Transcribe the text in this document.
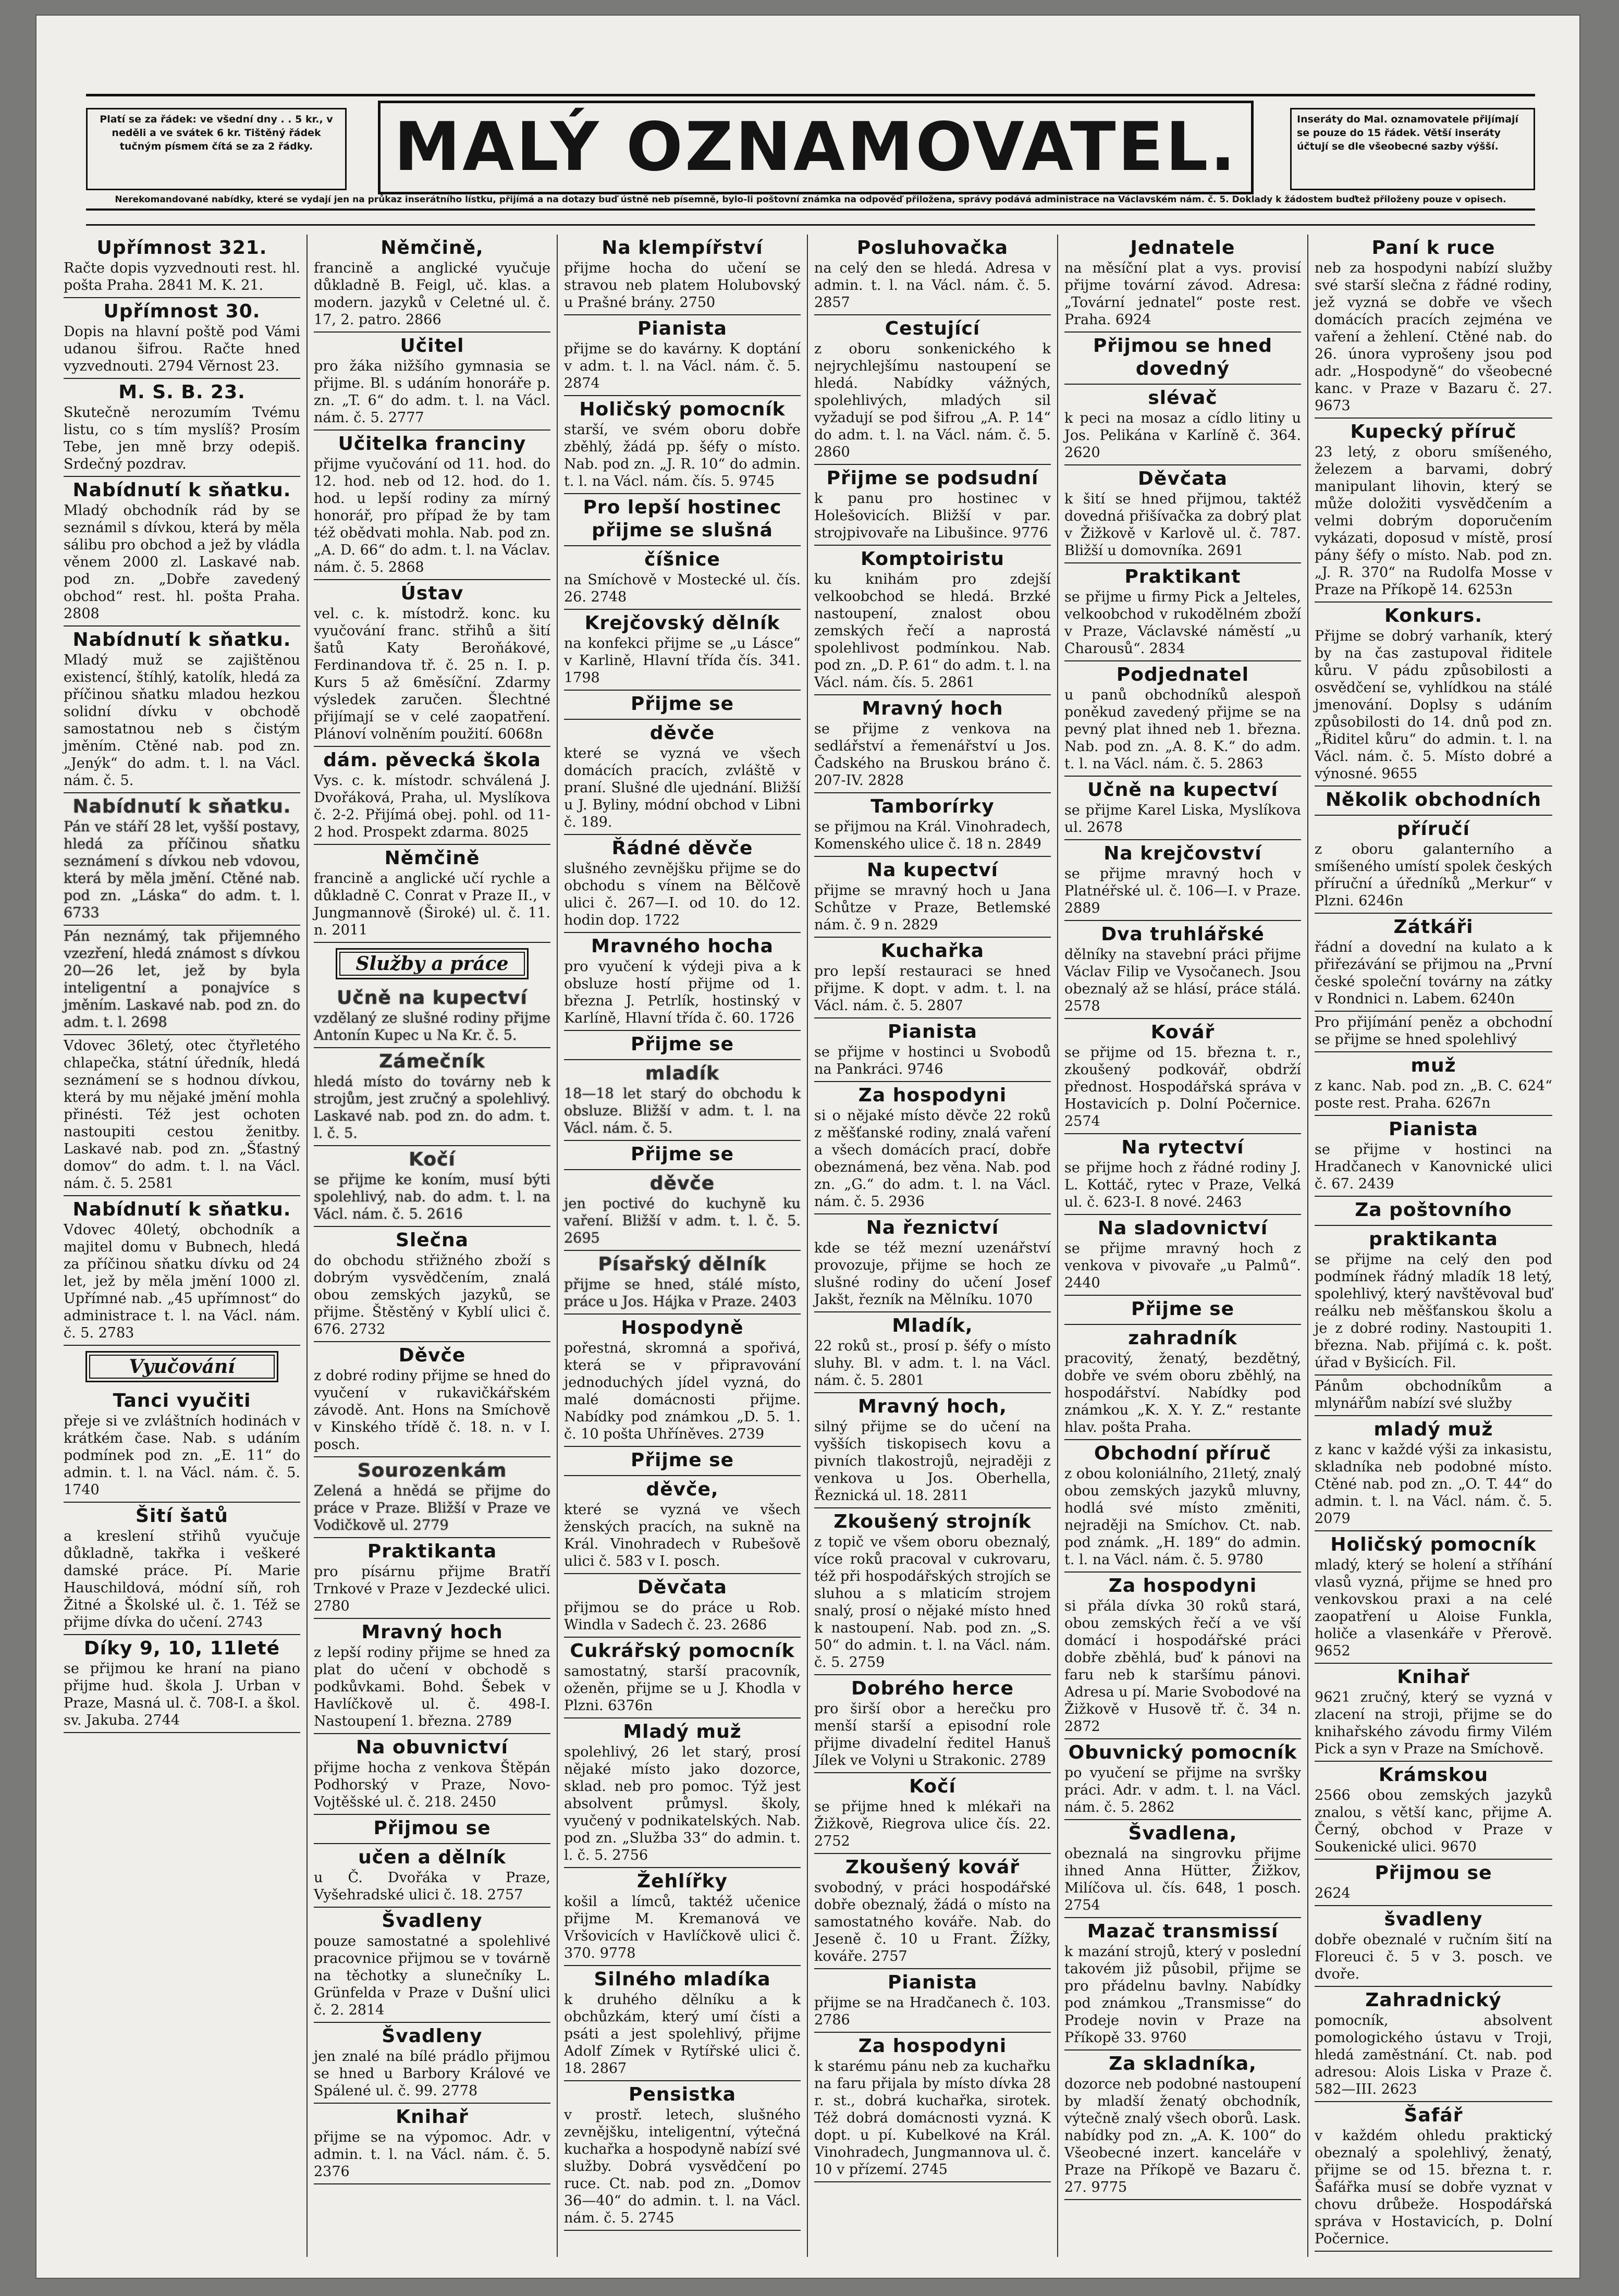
Platí se za řádek: ve všední dny . . 5 kr., v neděli a ve svátek 6 kr. Tištěný řádek tučným písmem čítá se za 2 řádky.	MALÝ OZNAMOVATEL.	Inseráty do Mal. oznamovatele přijímají se pouze do 15 řádek. Větší inseráty účtují se dle všeobecné sazby výšší.
Nerekomandované nabídky, které se vydají jen na průkaz inserátního lístku, přijímá a na dotazy buď ústně neb písemně, bylo-li poštovní známka na odpověď přiložena, správy podává administrace na Václavském nám. č. 5. Doklady k žádostem buďtež přiloženy pouze v opisech.
Upřímnost 321.
Račte dopis vyzvednouti rest. hl. pošta Praha. 2841 M. K. 21.
Upřímnost 30.
Dopis na hlavní poště pod Vámi udanou šifrou. Račte hned vyzvednouti. 2794 Věrnost 23.
M. S. B. 23.
Skutečně nerozumím Tvému listu, co s tím myslíš? Prosím Tebe, jen mně brzy odepiš. Srdečný pozdrav.
Nabídnutí k sňatku.
Mladý obchodník rád by se seznámil s dívkou, která by měla sálibu pro obchod a jež by vládla věnem 2000 zl. Laskavé nab. pod zn. „Dobře zavedený obchod“ rest. hl. pošta Praha. 2808
Nabídnutí k sňatku.
Mladý muž se zajištěnou existencí, štíhlý, katolík, hledá za příčinou sňatku mladou hezkou solidní dívku v obchodě samostatnou neb s čistým jměním. Ctěné nab. pod zn. „Jenýk“ do adm. t. l. na Václ. nám. č. 5.
Nabídnutí k sňatku.
Pán ve stáří 28 let, vyšší postavy, hledá za příčinou sňatku seznámení s dívkou neb vdovou, která by měla jmění. Ctěné nab. pod zn. „Láska“ do adm. t. l. 6733
Pán neznámý, tak přijemného vzezření, hledá známost s dívkou 20—26 let, jež by byla inteligentní a ponajvíce s jměním. Laskavé nab. pod zn. do adm. t. l. 2698
Vdovec 36letý, otec čtyřletého chlapečka, státní úředník, hledá seznámení se s hodnou dívkou, která by mu nějaké jmění mohla přinésti. Též jest ochoten nastoupiti cestou ženitby. Laskavé nab. pod zn. „Šťastný domov“ do adm. t. l. na Václ. nám. č. 5. 2581
Nabídnutí k sňatku.
Vdovec 40letý, obchodník a majitel domu v Bubnech, hledá za příčinou sňatku dívku od 24 let, jež by měla jmění 1000 zl. Upřímné nab. „45 upřímnost“ do administrace t. l. na Václ. nám. č. 5. 2783
Vyučování
Tanci vyučiti
přeje si ve zvláštních hodinách v krátkém čase. Nab. s udáním podmínek pod zn. „E. 11“ do admin. t. l. na Václ. nám. č. 5. 1740
Šití šatů
a kreslení střihů vyučuje důkladně, takřka i veškeré damské práce. Pí. Marie Hauschildová, módní síň, roh Žitné a Školské ul. č. 1. Též se přijme dívka do učení. 2743
Díky 9, 10, 11leté
se přijmou ke hraní na piano přijme hud. škola J. Urban v Praze, Masná ul. č. 708-I. a škol. sv. Jakuba. 2744
Němčině,
francině a anglické vyučuje důkladně B. Feigl, uč. klas. a modern. jazyků v Celetné ul. č. 17, 2. patro. 2866
Učitel
pro žáka nižšího gymnasia se přijme. Bl. s udáním honoráře p. zn. „T. 6“ do adm. t. l. na Václ. nám. č. 5. 2777
Učitelka franciny
přijme vyučování od 11. hod. do 12. hod. neb od 12. hod. do 1. hod. u lepší rodiny za mírný honorář, pro případ že by tam též obědvati mohla. Nab. pod zn. „A. D. 66“ do adm. t. l. na Václav. nám. č. 5. 2868
Ústav
vel. c. k. místodrž. konc. ku vyučování franc. střihů a šití šatů Katy Beroňákové, Ferdinandova tř. č. 25 n. I. p. Kurs 5 až 6měsíční. Zdarmy výsledek zaručen. Šlechtné přijímají se v celé zaopatření. Plánoví volněním použití. 6068n
dám. pěvecká škola
Vys. c. k. místodr. schválená J. Dvořáková, Praha, ul. Myslíkova č. 2-2. Přijímá obej. pohl. od 11-2 hod. Prospekt zdarma. 8025
Němčině
francině a anglické učí rychle a důkladně C. Conrat v Praze II., v Jungmannově (Široké) ul. č. 11. n. 2011
Služby a práce
Učně na kupectví
vzdělaný ze slušné rodiny přijme Antonín Kupec u Na Kr. č. 5.
Zámečník
hledá místo do továrny neb k strojům, jest zručný a spolehlivý. Laskavé nab. pod zn. do adm. t. l. č. 5.
Kočí
se přijme ke koním, musí býti spolehlivý, nab. do adm. t. l. na Václ. nám. č. 5. 2616
Slečna
do obchodu střižného zboží s dobrým vysvědčením, znalá obou zemských jazyků, se přijme. Štěstěný v Kyblí ulici č. 676. 2732
Děvče
z dobré rodiny přijme se hned do vyučení v rukavičkářském závodě. Ant. Hons na Smíchově v Kinského třídě č. 18. n. v I. posch.
Sourozenkám
Zelená a hnědá se přijme do práce v Praze. Bližší v Praze ve Vodičkově ul. 2779
Praktikanta
pro písárnu přijme Bratří Trnkové v Praze v Jezdecké ulici. 2780
Mravný hoch
z lepší rodiny přijme se hned za plat do učení v obchodě s podkůvkami. Bohd. Šebek v Havlíčkově ul. č. 498-I. Nastoupení 1. března. 2789
Na obuvnictví
přijme hocha z venkova Štěpán Podhorský v Praze, Novo-Vojtěšské ul. č. 218. 2450
Přijmou se
učen a dělník
u Č. Dvořáka v Praze, Vyšehradské ulici č. 18. 2757
Švadleny
pouze samostatné a spolehlivé pracovnice přijmou se v továrně na těchotky a slunečníky L. Grünfelda v Praze v Dušní ulici č. 2. 2814
Švadleny
jen znalé na bílé prádlo přijmou se hned u Barbory Králové ve Spálené ul. č. 99. 2778
Knihař
přijme se na výpomoc. Adr. v admin. t. l. na Václ. nám. č. 5. 2376
Na klempířství
přijme hocha do učení se stravou neb platem Holubovský u Prašné brány. 2750
Pianista
přijme se do kavárny. K doptání v adm. t. l. na Václ. nám. č. 5. 2874
Holičský pomocník
starší, ve svém oboru dobře zběhlý, žádá pp. šéfy o místo. Nab. pod zn. „J. R. 10“ do admin. t. l. na Václ. nám. čís. 5. 9745
Pro lepší hostinec přijme se slušná
číšnice
na Smíchově v Mostecké ul. čís. 26. 2748
Krejčovský dělník
na konfekci přijme se „u Lásce“ v Karlině, Hlavní třída čís. 341. 1798
Přijme se
děvče
které se vyzná ve všech domácích pracích, zvláště v praní. Slušné dle ujednání. Bližší u J. Byliny, módní obchod v Libni č. 189.
Řádné děvče
slušného zevnějšku přijme se do obchodu s vínem na Bělčově ulici č. 267—I. od 10. do 12. hodin dop. 1722
Mravného hocha
pro vyučení k výdeji piva a k obsluze hostí přijme od 1. března J. Petrlík, hostinský v Karlíně, Hlavní třída č. 60. 1726
Přijme se
mladík
18—18 let starý do obchodu k obsluze. Bližší v adm. t. l. na Václ. nám. č. 5.
Přijme se
děvče
jen poctivé do kuchyně ku vaření. Bližší v adm. t. l. č. 5. 2695
Písařský dělník
přijme se hned, stálé místo, práce u Jos. Hájka v Praze. 2403
Hospodyně
pořestná, skromná a spořivá, která se v připravování jednoduchých jídel vyzná, do malé domácnosti přijme. Nabídky pod známkou „D. 5. 1. č. 10 pošta Uhříněves. 2739
Přijme se
děvče,
které se vyzná ve všech ženských pracích, na sukně na Král. Vinohradech v Rubešově ulici č. 583 v I. posch.
Děvčata
přijmou se do práce u Rob. Windla v Sadech č. 23. 2686
Cukrářský pomocník
samostatný, starší pracovník, oženěn, přijme se u J. Khodla v Plzni. 6376n
Mladý muž
spolehlivý, 26 let starý, prosí nějaké místo jako dozorce, sklad. neb pro pomoc. Týž jest absolvent průmysl. školy, vyučený v podnikatelských. Nab. pod zn. „Služba 33“ do admin. t. l. č. 5. 2756
Žehlířky
košil a límců, taktéž učenice přijme M. Kremanová ve Vršovicích v Havlíčkově ulici č. 370. 9778
Silného mladíka
k druhého dělníku a k obchůzkám, který umí čísti a psáti a jest spolehlivý, přijme Adolf Zímek v Rytířské ulici č. 18. 2867
Pensistka
v prostř. letech, slušného zevnějšku, inteligentní, výtečná kuchařka a hospodyně nabízí své služby. Dobrá vysvědčení po ruce. Ct. nab. pod zn. „Domov 36—40“ do admin. t. l. na Václ. nám. č. 5. 2745
Posluhovačka
na celý den se hledá. Adresa v admin. t. l. na Václ. nám. č. 5. 2857
Cestující
z oboru sonkenického k nejrychlejšímu nastoupení se hledá. Nabídky vážných, spolehlivých, mladých sil vyžadují se pod šifrou „A. P. 14“ do adm. t. l. na Václ. nám. č. 5. 2860
Přijme se podsudní
k panu pro hostinec v Holešovicích. Bližší v par. strojpivovaře na Libušince. 9776
Komptoiristu
ku knihám pro zdejší velkoobchod se hledá. Brzké nastoupení, znalost obou zemských řečí a naprostá spolehlivost podmínkou. Nab. pod zn. „D. P. 61“ do adm. t. l. na Václ. nám. čís. 5. 2861
Mravný hoch
se přijme z venkova na sedlářství a řemenářství u Jos. Čadského na Bruskou bráno č. 207-IV. 2828
Tamborírky
se přijmou na Král. Vinohradech, Komenského ulice č. 18 n. 2849
Na kupectví
přijme se mravný hoch u Jana Schůtze v Praze, Betlemské nám. č. 9 n. 2829
Kuchařka
pro lepší restauraci se hned přijme. K dopt. v adm. t. l. na Václ. nám. č. 5. 2807
Pianista
se přijme v hostinci u Svobodů na Pankráci. 9746
Za hospodyni
si o nějaké místo děvče 22 roků z měšťanské rodiny, znalá vaření a všech domácích prací, dobře obeznámená, bez věna. Nab. pod zn. „G.“ do adm. t. l. na Václ. nám. č. 5. 2936
Na řeznictví
kde se též mezní uzenářství provozuje, přijme se hoch ze slušné rodiny do učení Josef Jakšt, řezník na Mělníku. 1070
Mladík,
22 roků st., prosí p. šéfy o místo sluhy. Bl. v adm. t. l. na Václ. nám. č. 5. 2801
Mravný hoch,
silný přijme se do učení na vyšších tiskopisech kovu a pivních tlakostrojů, nejraději z venkova u Jos. Oberhella, Řeznická ul. 18. 2811
Zkoušený strojník
z topič ve všem oboru obeznalý, více roků pracoval v cukrovaru, též při hospodářských strojích se sluhou a s mlaticím strojem snalý, prosí o nějaké místo hned k nastoupení. Nab. pod zn. „S. 50“ do admin. t. l. na Václ. nám. č. 5. 2759
Dobrého herce
pro širší obor a herečku pro menší starší a episodní role přijme divadelní ředitel Hanuš Jílek ve Volyni u Strakonic. 2789
Kočí
se přijme hned k mlékaři na Žižkově, Riegrova ulice čís. 22. 2752
Zkoušený kovář
svobodný, v práci hospodářské dobře obeznalý, žádá o místo na samostatného kováře. Nab. do Jeseně č. 10 u Frant. Žížky, kováře. 2757
Pianista
přijme se na Hradčanech č. 103. 2786
Za hospodyni
k starému pánu neb za kuchařku na faru přijala by místo dívka 28 r. st., dobrá kuchařka, sirotek. Též dobrá domácnosti vyzná. K dopt. u pí. Kubelkové na Král. Vinohradech, Jungmannova ul. č. 10 v přízemí. 2745
Jednatele
na měsíční plat a vys. provisí přijme tovární závod. Adresa: „Tovární jednatel“ poste rest. Praha. 6924
Přijmou se hned dovedný
slévač
k peci na mosaz a cídlo litiny u Jos. Pelikána v Karlíně č. 364. 2620
Děvčata
k šití se hned přijmou, taktéž dovedná přišívačka za dobrý plat v Žižkově v Karlově ul. č. 787. Bližší u domovníka. 2691
Praktikant
se přijme u firmy Pick a Jelteles, velkoobchod v rukodělném zboží v Praze, Václavské náměstí „u Charousů“. 2834
Podjednatel
u panů obchodníků alespoň poněkud zavedený přijme se na pevný plat ihned neb 1. března. Nab. pod zn. „A. 8. K.“ do adm. t. l. na Václ. nám. č. 5. 2863
Učně na kupectví
se přijme Karel Liska, Myslíkova ul. 2678
Na krejčovství
se přijme mravný hoch v Platnéřské ul. č. 106—I. v Praze. 2889
Dva truhlářské
dělníky na stavební práci přijme Václav Filip ve Vysočanech. Jsou obeznalý až se hlásí, práce stálá. 2578
Kovář
se přijme od 15. března t. r., zkoušený podkovář, obdrží přednost. Hospodářská správa v Hostavicích p. Dolní Počernice. 2574
Na rytectví
se přijme hoch z řádné rodiny J. L. Kottáč, rytec v Praze, Velká ul. č. 623-I. 8 nové. 2463
Na sladovnictví
se přijme mravný hoch z venkova v pivovaře „u Palmů“. 2440
Přijme se
zahradník
pracovitý, ženatý, bezdětný, dobře ve svém oboru zběhlý, na hospodářství. Nabídky pod známkou „K. X. Y. Z.“ restante hlav. pošta Praha.
Obchodní příruč
z obou koloniálního, 21letý, znalý obou zemských jazyků mluvny, hodlá své místo změniti, nejraději na Smíchov. Ct. nab. pod známk. „H. 189“ do admin. t. l. na Václ. nám. č. 5. 9780
Za hospodyni
si přála dívka 30 roků stará, obou zemských řečí a ve vší domácí i hospodářské práci dobře zběhlá, buď k pánovi na faru neb k staršímu pánovi. Adresa u pí. Marie Svobodové na Žižkově v Husově tř. č. 34 n. 2872
Obuvnický pomocník
po vyučení se přijme na svršky práci. Adr. v adm. t. l. na Václ. nám. č. 5. 2862
Švadlena,
obeznalá na singrovku přijme ihned Anna Hütter, Žižkov, Milíčova ul. čís. 648, 1 posch. 2754
Mazač transmissí
k mazání strojů, který v poslední takovém již působil, přijme se pro přádelnu bavlny. Nabídky pod známkou „Transmisse“ do Prodeje novin v Praze na Příkopě 33. 9760
Za skladníka,
dozorce neb podobné nastoupení by mladší ženatý obchodník, výtečně znalý všech oborů. Lask. nabídky pod zn. „A. K. 100“ do Všeobecné inzert. kanceláře v Praze na Příkopě ve Bazaru č. 27. 9775
Paní k ruce
neb za hospodyni nabízí služby své starší slečna z řádné rodiny, jež vyzná se dobře ve všech domácích pracích zejména ve vaření a žehlení. Ctěné nab. do 26. února vyprošeny jsou pod adr. „Hospodyně“ do všeobecné kanc. v Praze v Bazaru č. 27. 9673
Kupecký příruč
23 letý, z oboru smíšeného, železem a barvami, dobrý manipulant lihovin, který se může doložiti vysvědčením a velmi dobrým doporučením vykázati, doposud v místě, prosí pány šéfy o místo. Nab. pod zn. „J. R. 370“ na Rudolfa Mosse v Praze na Příkopě 14. 6253n
Konkurs.
Přijme se dobrý varhaník, který by na čas zastupoval řiditele kůru. V pádu způsobilosti a osvědčení se, vyhlídkou na stálé jmenování. Doplsy s udáním způsobilosti do 14. dnů pod zn. „Řiditel kůru“ do admin. t. l. na Václ. nám. č. 5. Místo dobré a výnosné. 9655
Několik obchodních
příručí
z oboru galanterního a smíšeného umístí spolek českých příruční a úředníků „Merkur“ v Plzni. 6246n
Zátkáři
řádní a dovední na kulato a k přiřezávání se přijmou na „První české společní továrny na zátky v Rondnici n. Labem. 6240n
Pro přijímání peněz a obchodní se přijme se hned spolehlivý
muž
z kanc. Nab. pod zn. „B. C. 624“ poste rest. Praha. 6267n
Pianista
se přijme v hostinci na Hradčanech v Kanovnické ulici č. 67. 2439
Za poštovního
praktikanta
se přijme na celý den pod podmínek řádný mladík 18 letý, spolehlivý, který navštěvoval buď reálku neb měšťanskou školu a je z dobré rodiny. Nastoupiti 1. března. Nab. přijímá c. k. pošt. úřad v Byšicích. Fil.
Pánům obchodníkům a mlynářům nabízí své služby
mladý muž
z kanc v každé výši za inkasistu, skladníka neb podobné místo. Ctěné nab. pod zn. „O. T. 44“ do admin. t. l. na Václ. nám. č. 5. 2079
Holičský pomocník
mladý, který se holení a stříhání vlasů vyzná, přijme se hned pro venkovskou praxi a na celé zaopatření u Aloise Funkla, holiče a vlasenkáře v Přerově. 9652
Knihař
9621 zručný, který se vyzná v zlacení na stroji, přijme se do knihařského závodu firmy Vilém Pick a syn v Praze na Smíchově.
Krámskou
2566 obou zemských jazyků znalou, s větší kanc, přijme A. Černý, obchod v Praze v Soukenické ulici. 9670
Přijmou se
2624
švadleny
dobře obeznalé v ručním šití na Floreuci č. 5 v 3. posch. ve dvoře.
Zahradnický
pomocník, absolvent pomologického ústavu v Troji, hledá zaměstnání. Ct. nab. pod adresou: Alois Liska v Praze č. 582—III. 2623
Šafář
v každém ohledu praktický obeznalý a spolehlivý, ženatý, přijme se od 15. března t. r. Šafářka musí se dobře vyznat v chovu drůbeže. Hospodářská správa v Hostavicích, p. Dolní Počernice.
